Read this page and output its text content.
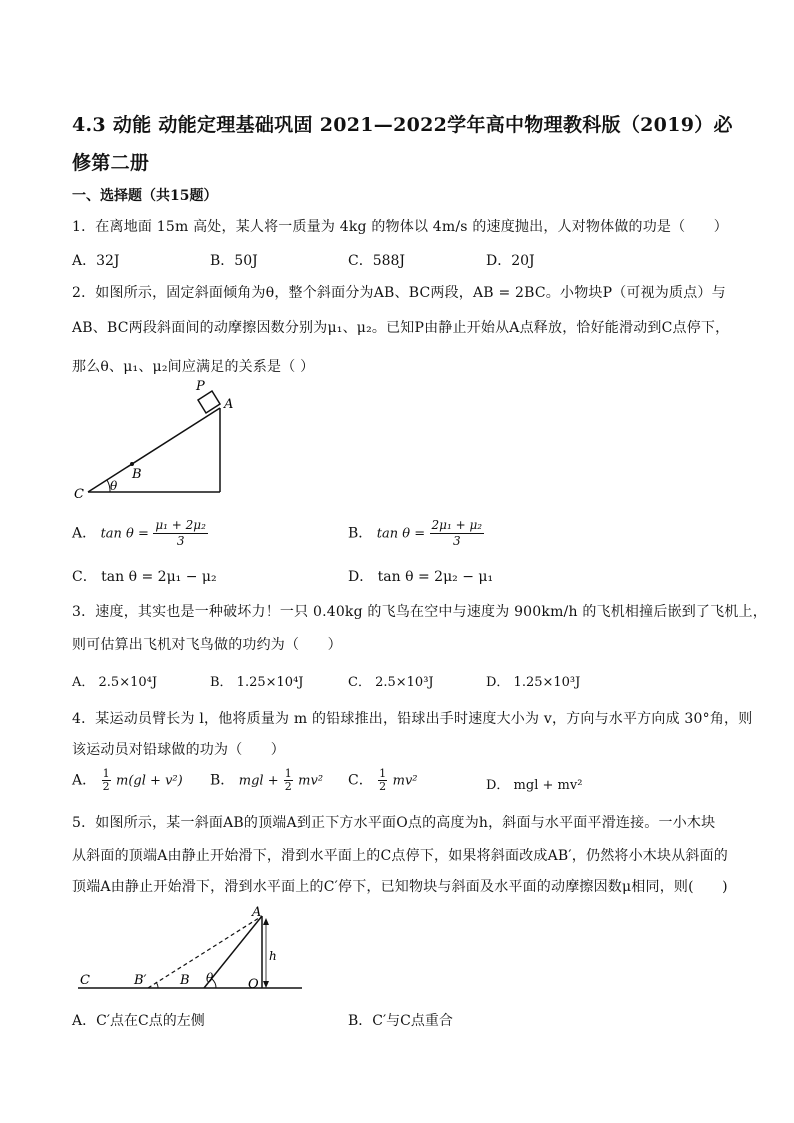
4.3 动能 动能定理基础巩固 2021—2022学年高中物理教科版（2019）必修第二册
一、选择题（共15题）
1．在离地面 15m 高处，某人将一质量为 4kg 的物体以 4m/s 的速度抛出，人对物体做的功是（　　）
A．32J	B．50J	C．588J	D．20J
2．如图所示，固定斜面倾角为θ，整个斜面分为AB、BC两段，AB = 2BC。小物块P（可视为质点）与
AB、BC两段斜面间的动摩擦因数分别为μ₁、μ₂。已知P由静止开始从A点释放，恰好能滑动到C点停下，
那么θ、μ₁、μ₂间应满足的关系是（ ）
P
A
B
C
θ
A． $\tan \theta = \frac{\text{μ₁ + 2μ₂}}{3}$	B． $\tan \theta = \frac{\text{2μ₁ + μ₂}}{3}$
C． tan θ = 2μ₁ − μ₂	D． tan θ = 2μ₂ − μ₁
3．速度，其实也是一种破坏力！一只 0.40kg 的飞鸟在空中与速度为 900km/h 的飞机相撞后嵌到了飞机上，
则可估算出飞机对飞鸟做的功约为（　　）
A． 2.5×10⁴J	B． 1.25×10⁴J	C． 2.5×10³J	D． 1.25×10³J
4．某运动员臂长为 l，他将质量为 m 的铅球推出，铅球出手时速度大小为 v，方向与水平方向成 30°角，则
该运动员对铅球做的功为（　　）
A． $\frac{1}{2} m(gl + v^2)$ B． mgl + $\frac{1}{2} mv^2$ C． $\frac{1}{2} mv^2$	D． mgl + mv²
5．如图所示，某一斜面AB的顶端A到正下方水平面O点的高度为h，斜面与水平面平滑连接。一小木块
从斜面的顶端A由静止开始滑下，滑到水平面上的C点停下，如果将斜面改成AB′，仍然将小木块从斜面的
顶端A由静止开始滑下，滑到水平面上的C′停下，已知物块与斜面及水平面的动摩擦因数μ相同，则(　　)
A
C	B′	B θ	O
h
A．C′点在C点的左侧	B．C′与C点重合
